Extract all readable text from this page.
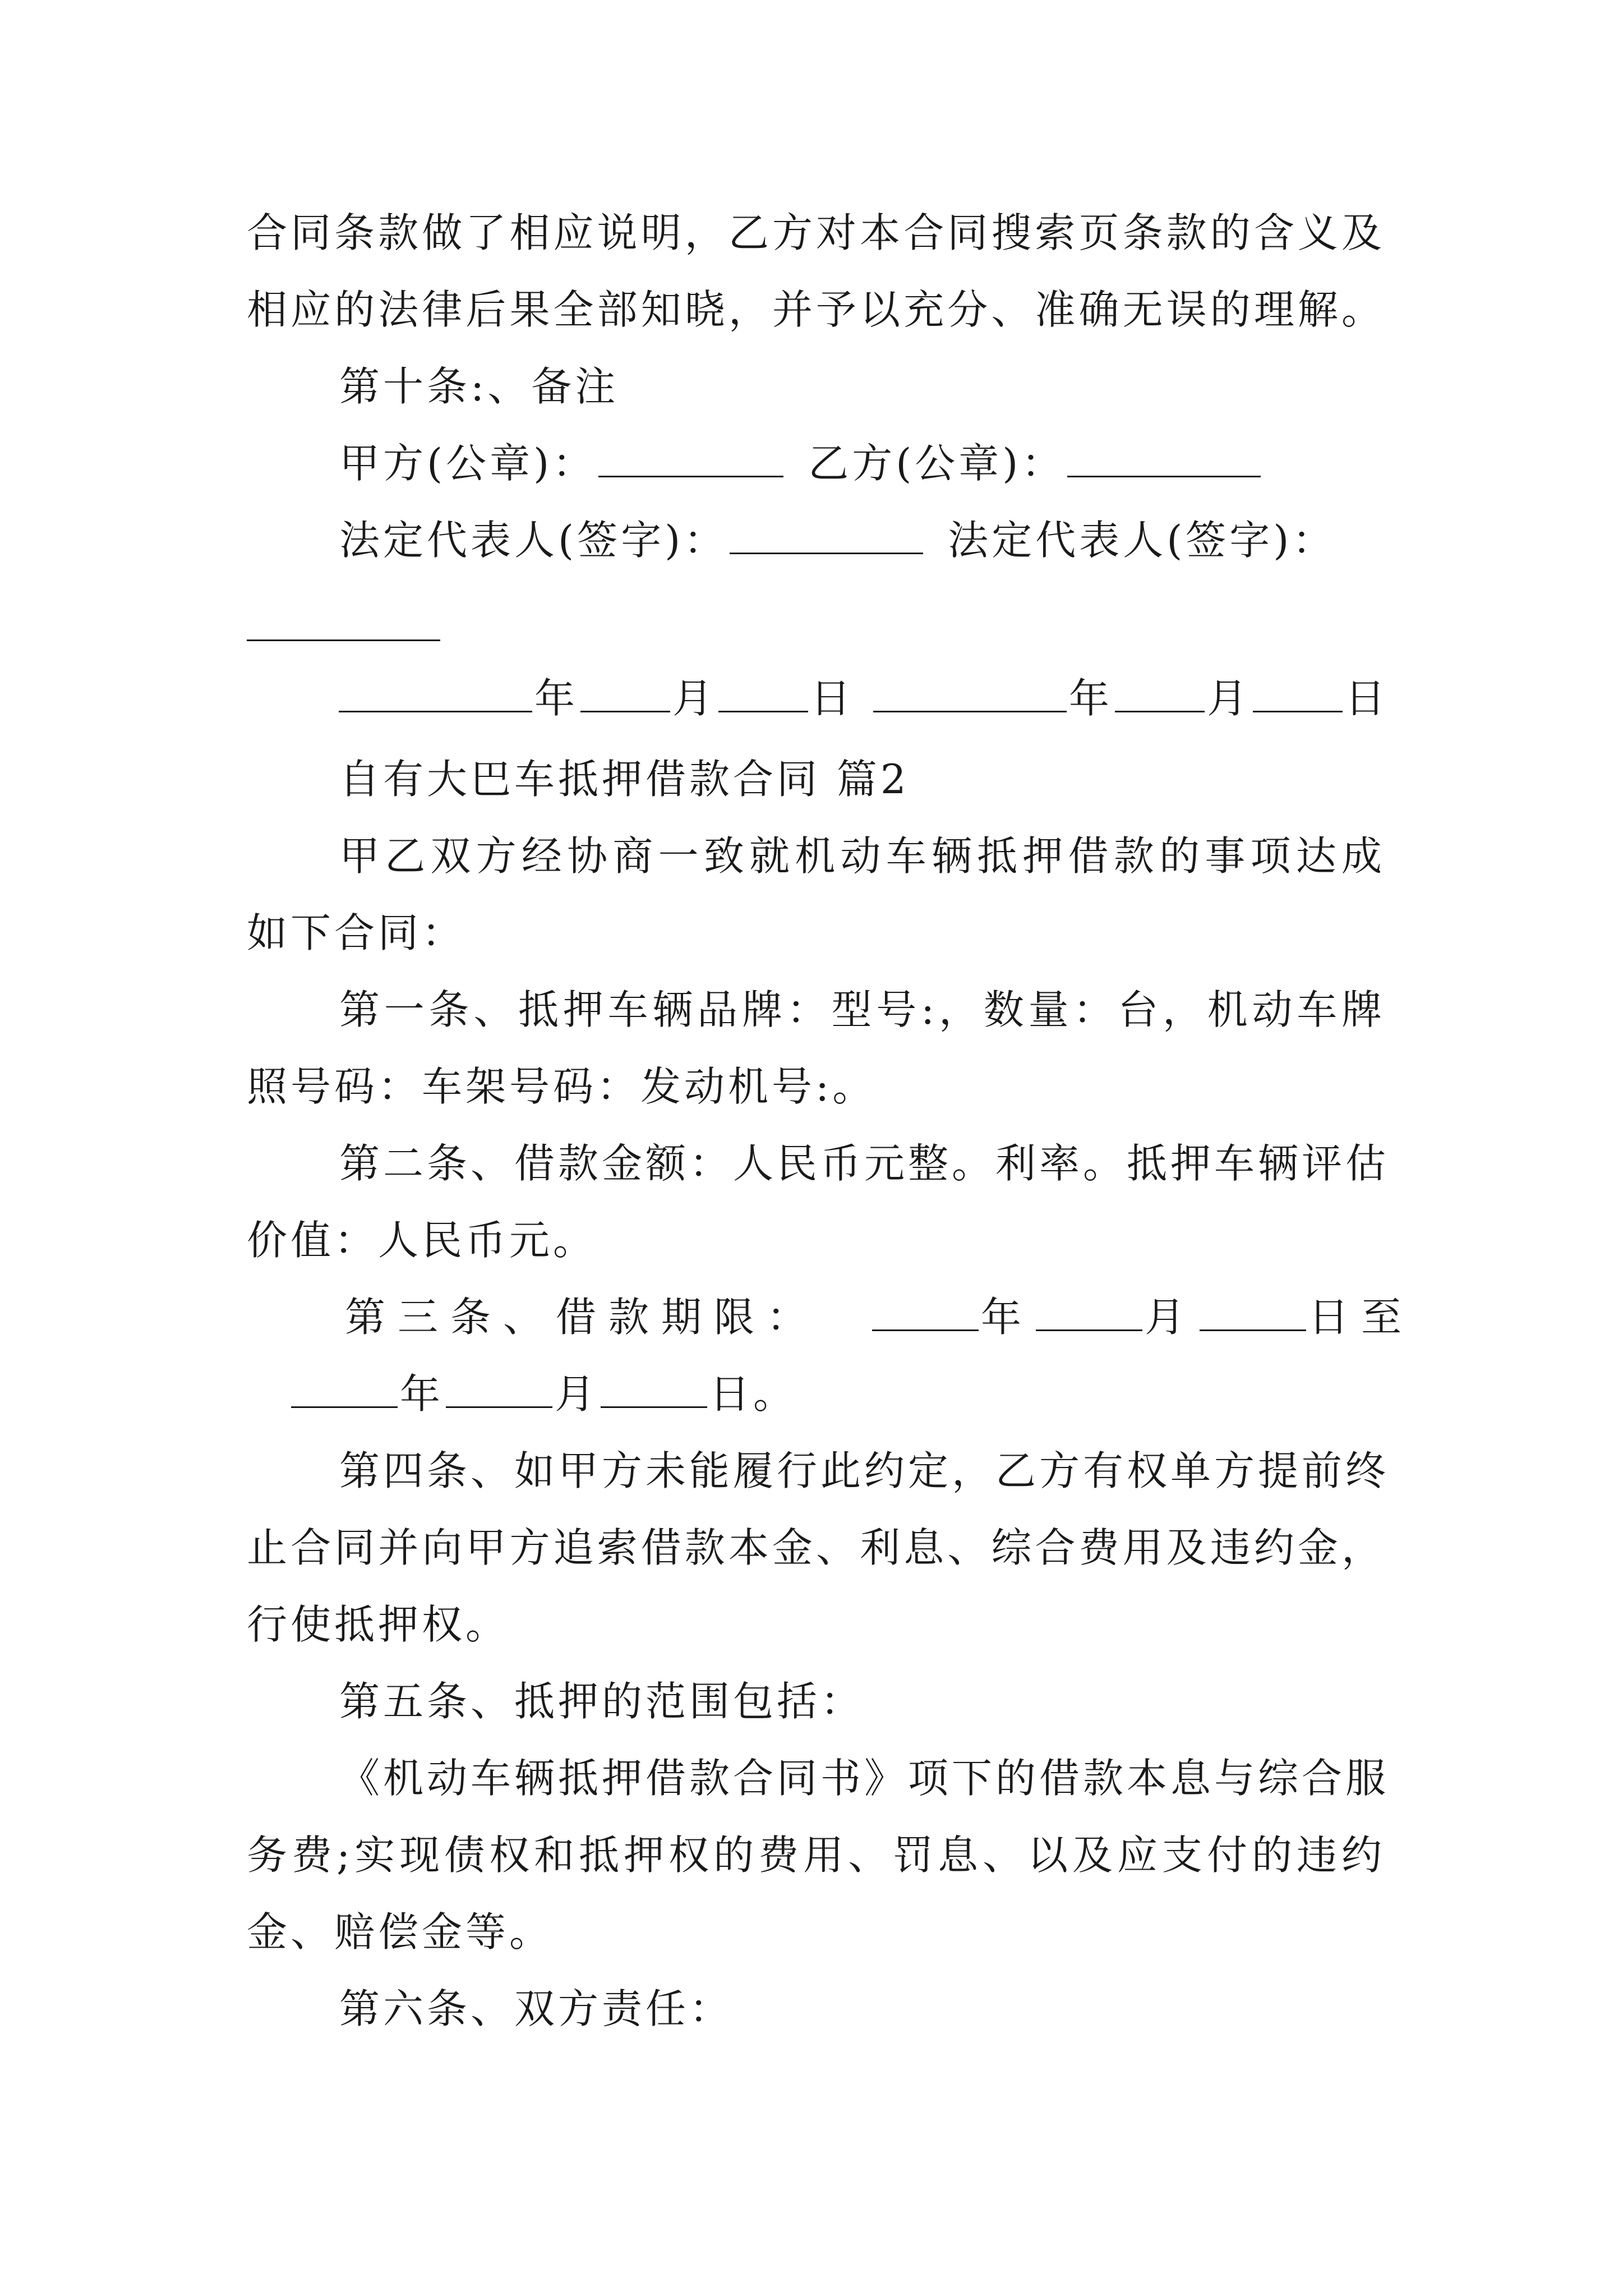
合同条款做了相应说明，乙方对本合同搜索页条款的含义及
相应的法律后果全部知晓，并予以充分、准确无误的理解。
第十条:、备注
甲方(公章)：	乙方(公章)：
法定代表人(签字)：	法定代表人(签字)：
年 月 日	年 月 日
自有大巴车抵押借款合同 篇2
甲乙双方经协商一致就机动车辆抵押借款的事项达成
如下合同：
第一条、抵押车辆品牌：型号:，数量：台，机动车牌
照号码：车架号码：发动机号:。
第二条、借款金额：人民币元整。利率。抵押车辆评估
价值：人民币元。
第三条、借款期限：	年	月	日至
年	月	日。
第四条、如甲方未能履行此约定，乙方有权单方提前终
止合同并向甲方追索借款本金、利息、综合费用及违约金，
行使抵押权。
第五条、抵押的范围包括：
《机动车辆抵押借款合同书》项下的借款本息与综合服
务费;实现债权和抵押权的费用、罚息、以及应支付的违约
金、赔偿金等。
第六条、双方责任：
